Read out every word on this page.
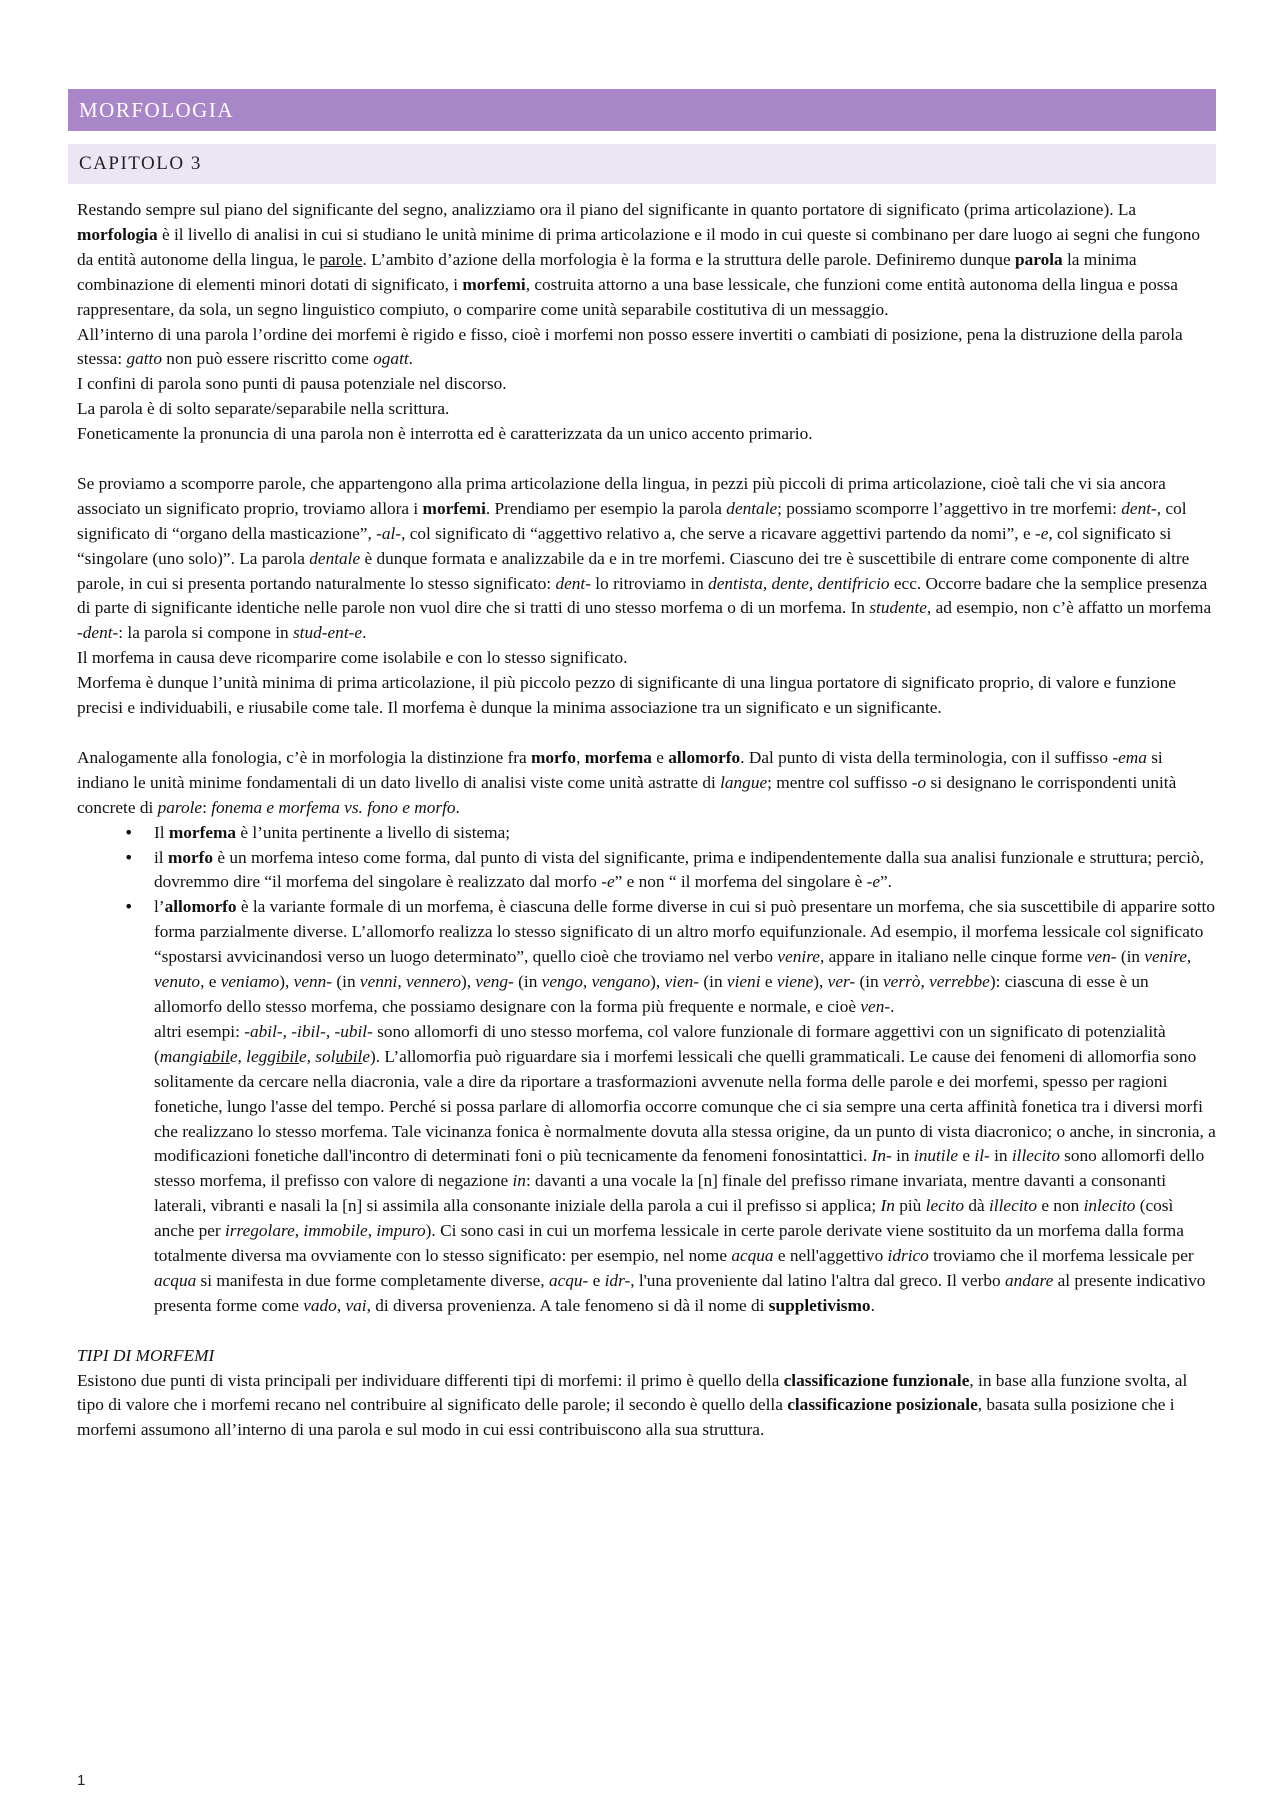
MORFOLOGIA
CAPITOLO 3

Restando sempre sul piano del significante del segno, analizziamo ora il piano del significante in quanto portatore di significato (prima articolazione). La morfologia è il livello di analisi in cui si studiano le unità minime di prima articolazione e il modo in cui queste si combinano per dare luogo ai segni che fungono da entità autonome della lingua, le parole. L’ambito d’azione della morfologia è la forma e la struttura delle parole. Definiremo dunque parola la minima combinazione di elementi minori dotati di significato, i morfemi, costruita attorno a una base lessicale, che funzioni come entità autonoma della lingua e possa rappresentare, da sola, un segno linguistico compiuto, o comparire come unità separabile costitutiva di un messaggio.

All’interno di una parola l’ordine dei morfemi è rigido e fisso, cioè i morfemi non posso essere invertiti o cambiati di posizione, pena la distruzione della parola stessa: gatto non può essere riscritto come ogatt.

I confini di parola sono punti di pausa potenziale nel discorso.

La parola è di solto separate/separabile nella scrittura.

Foneticamente la pronuncia di una parola non è interrotta ed è caratterizzata da un unico accento primario.

Se proviamo a scomporre parole, che appartengono alla prima articolazione della lingua, in pezzi più piccoli di prima articolazione, cioè tali che vi sia ancora associato un significato proprio, troviamo allora i morfemi. Prendiamo per esempio la parola dentale; possiamo scomporre l’aggettivo in tre morfemi: dent-, col significato di “organo della masticazione”, -al-, col significato di “aggettivo relativo a, che serve a ricavare aggettivi partendo da nomi”, e -e, col significato si “singolare (uno solo)”. La parola dentale è dunque formata e analizzabile da e in tre morfemi. Ciascuno dei tre è suscettibile di entrare come componente di altre parole, in cui si presenta portando naturalmente lo stesso significato: dent- lo ritroviamo in dentista, dente, dentifricio ecc. Occorre badare che la semplice presenza di parte di significante identiche nelle parole non vuol dire che si tratti di uno stesso morfema o di un morfema. In studente, ad esempio, non c’è affatto un morfema -dent-: la parola si compone in stud-ent-e.

Il morfema in causa deve ricomparire come isolabile e con lo stesso significato.

Morfema è dunque l’unità minima di prima articolazione, il più piccolo pezzo di significante di una lingua portatore di significato proprio, di valore e funzione precisi e individuabili, e riusabile come tale. Il morfema è dunque la minima associazione tra un significato e un significante.

Analogamente alla fonologia, c’è in morfologia la distinzione fra morfo, morfema e allomorfo. Dal punto di vista della terminologia, con il suffisso -ema si indiano le unità minime fondamentali di un dato livello di analisi viste come unità astratte di langue; mentre col suffisso -o si designano le corrispondenti unità concrete di parole: fonema e morfema vs. fono e morfo.

• Il morfema è l’unita pertinente a livello di sistema;
• il morfo è un morfema inteso come forma, dal punto di vista del significante, prima e indipendentemente dalla sua analisi funzionale e struttura; perciò, dovremmo dire “il morfema del singolare è realizzato dal morfo -e” e non “ il morfema del singolare è -e”.
• l’allomorfo è la variante formale di un morfema, è ciascuna delle forme diverse in cui si può presentare un morfema, che sia suscettibile di apparire sotto forma parzialmente diverse. L’allomorfo realizza lo stesso significato di un altro morfo equifunzionale. Ad esempio, il morfema lessicale col significato “spostarsi avvicinandosi verso un luogo determinato”, quello cioè che troviamo nel verbo venire, appare in italiano nelle cinque forme ven- (in venire, venuto, e veniamo), venn- (in venni, vennero), veng- (in vengo, vengano), vien- (in vieni e viene), ver- (in verrò, verrebbe): ciascuna di esse è un allomorfo dello stesso morfema, che possiamo designare con la forma più frequente e normale, e cioè ven-.
altri esempi: -abil-, -ibil-, -ubil- sono allomorfi di uno stesso morfema, col valore funzionale di formare aggettivi con un significato di potenzialità (mangiabile, leggibile, solubile). L’allomorfia può riguardare sia i morfemi lessicali che quelli grammaticali. Le cause dei fenomeni di allomorfia sono solitamente da cercare nella diacronia, vale a dire da riportare a trasformazioni avvenute nella forma delle parole e dei morfemi, spesso per ragioni fonetiche, lungo l'asse del tempo. Perché si possa parlare di allomorfia occorre comunque che ci sia sempre una certa affinità fonetica tra i diversi morfi che realizzano lo stesso morfema. Tale vicinanza fonica è normalmente dovuta alla stessa origine, da un punto di vista diacronico; o anche, in sincronia, a modificazioni fonetiche dall'incontro di determinati foni o più tecnicamente da fenomeni fonosintattici. In- in inutile e il- in illecito sono allomorfi dello stesso morfema, il prefisso con valore di negazione in: davanti a una vocale la [n] finale del prefisso rimane invariata, mentre davanti a consonanti laterali, vibranti e nasali la [n] si assimila alla consonante iniziale della parola a cui il prefisso si applica; In più lecito dà illecito e non inlecito (così anche per irregolare, immobile, impuro). Ci sono casi in cui un morfema lessicale in certe parole derivate viene sostituito da un morfema dalla forma totalmente diversa ma ovviamente con lo stesso significato: per esempio, nel nome acqua e nell'aggettivo idrico troviamo che il morfema lessicale per acqua si manifesta in due forme completamente diverse, acqu- e idr-, l'una proveniente dal latino l'altra dal greco. Il verbo andare al presente indicativo presenta forme come vado, vai, di diversa provenienza. A tale fenomeno si dà il nome di suppletivismo.

TIPI DI MORFEMI

Esistono due punti di vista principali per individuare differenti tipi di morfemi: il primo è quello della classificazione funzionale, in base alla funzione svolta, al tipo di valore che i morfemi recano nel contribuire al significato delle parole; il secondo è quello della classificazione posizionale, basata sulla posizione che i morfemi assumono all’interno di una parola e sul modo in cui essi contribuiscono alla sua struttura.

1
